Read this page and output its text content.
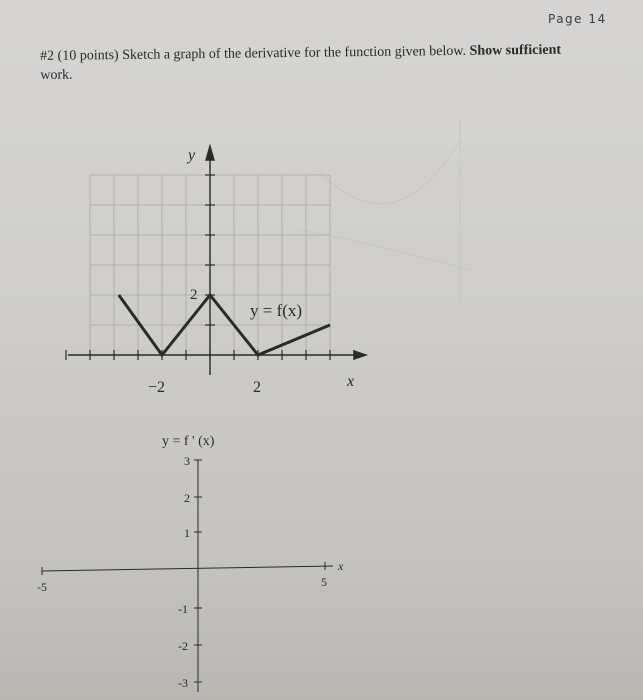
Page 14
#2 (10 points) Sketch a graph of the derivative for the function given below. Show sufficient
work.
y
x
y = f(x)
−2	2
2
y = f ' (x)
x
-5	5
3
2
1
-1
-2
-3
